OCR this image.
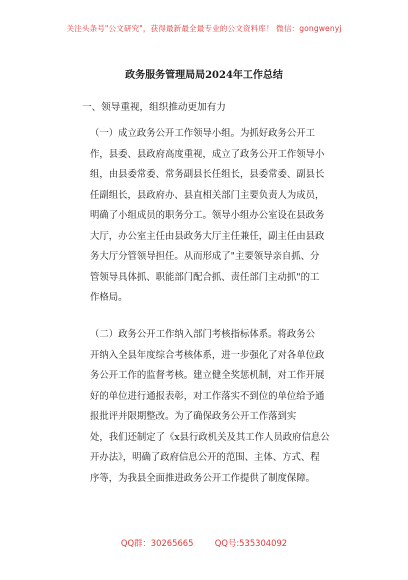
关注头条号"公文研究"，获得最新最全最专业的公文资料库！ 微信：gongwenyj
政务服务管理局局2024年工作总结
一、领导重视，组织推动更加有力
（一）成立政务公开工作领导小组。为抓好政务公开工
作，县委、县政府高度重视，成立了政务公开工作领导小
组，由县委常委、常务副县长任组长，县委常委、副县长
任副组长，县政府办、县直相关部门主要负责人为成员，
明确了小组成员的职务分工。领导小组办公室设在县政务
大厅，办公室主任由县政务大厅主任兼任，副主任由县政
务大厅分管领导担任。从而形成了"主要领导亲自抓、分
管领导具体抓、职能部门配合抓、责任部门主动抓"的工
作格局。
（二）政务公开工作纳入部门考核指标体系。将政务公
开纳入全县年度综合考核体系，进一步强化了对各单位政
务公开工作的监督考核。建立健全奖惩机制，对工作开展
好的单位进行通报表彰，对工作落实不到位的单位给予通
报批评并限期整改。为了确保政务公开工作落到实
处，我们还制定了《x县行政机关及其工作人员政府信息公
开办法》，明确了政府信息公开的范围、主体、方式、程
序等，为我县全面推进政务公开工作提供了制度保障。
QQ群：30265665	QQ号:535304092
